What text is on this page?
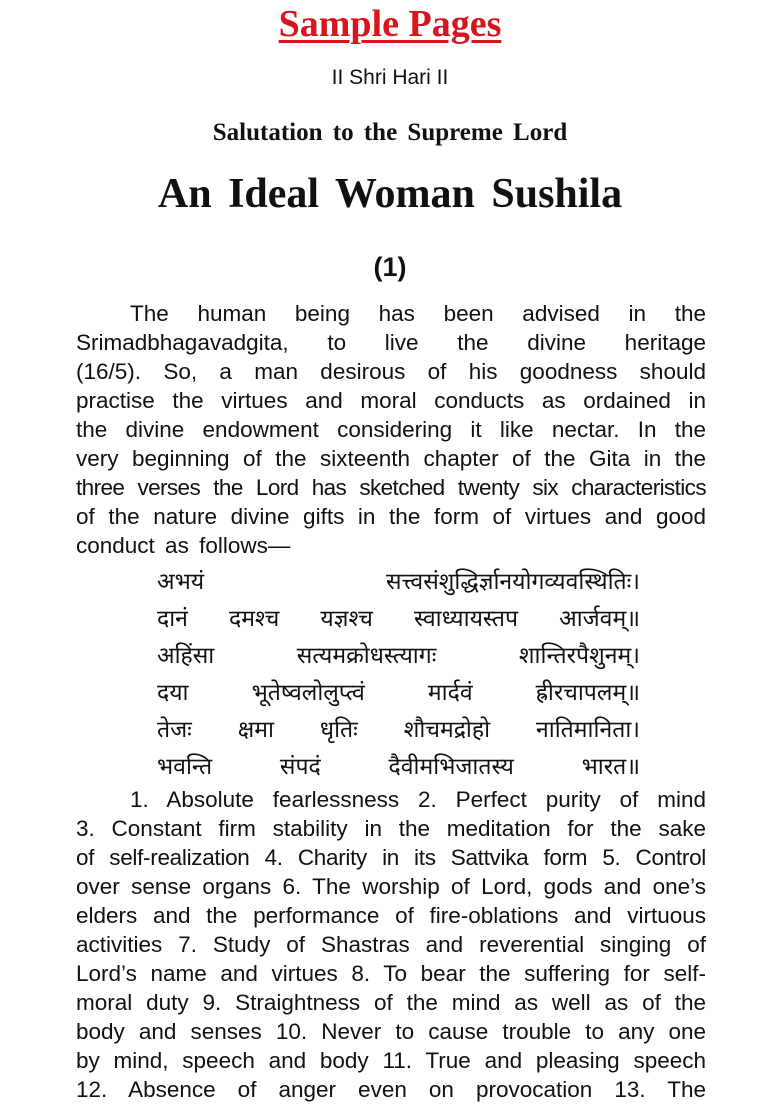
Sample Pages
II Shri Hari II
Salutation to the Supreme Lord
An Ideal Woman Sushila
(1)
The human being has been advised in the
Srimadbhagavadgita, to live the divine heritage
(16/5). So, a man desirous of his goodness should
practise the virtues and moral conducts as ordained in
the divine endowment considering it like nectar. In the
very beginning of the sixteenth chapter of the Gita in the
three verses the Lord has sketched twenty six characteristics
of the nature divine gifts in the form of virtues and good
conduct as follows—
अभयं सत्त्वसंशुद्धिर्ज्ञानयोगव्यवस्थितिः।
दानं दमश्च यज्ञश्च स्वाध्यायस्तप आर्जवम्॥
अहिंसा सत्यमक्रोधस्त्यागः शान्तिरपैशुनम्।
दया भूतेष्वलोलुप्त्वं मार्दवं ह्रीरचापलम्॥
तेजः क्षमा धृतिः शौचमद्रोहो नातिमानिता।
भवन्ति संपदं दैवीमभिजातस्य भारत॥
1. Absolute fearlessness 2. Perfect purity of mind
3. Constant firm stability in the meditation for the sake
of self-realization 4. Charity in its Sattvika form 5. Control
over sense organs 6. The worship of Lord, gods and one’s
elders and the performance of fire-oblations and virtuous
activities 7. Study of Shastras and reverential singing of
Lord’s name and virtues 8. To bear the suffering for self-
moral duty 9. Straightness of the mind as well as of the
body and senses 10. Never to cause trouble to any one
by mind, speech and body 11. True and pleasing speech
12. Absence of anger even on provocation 13. The
